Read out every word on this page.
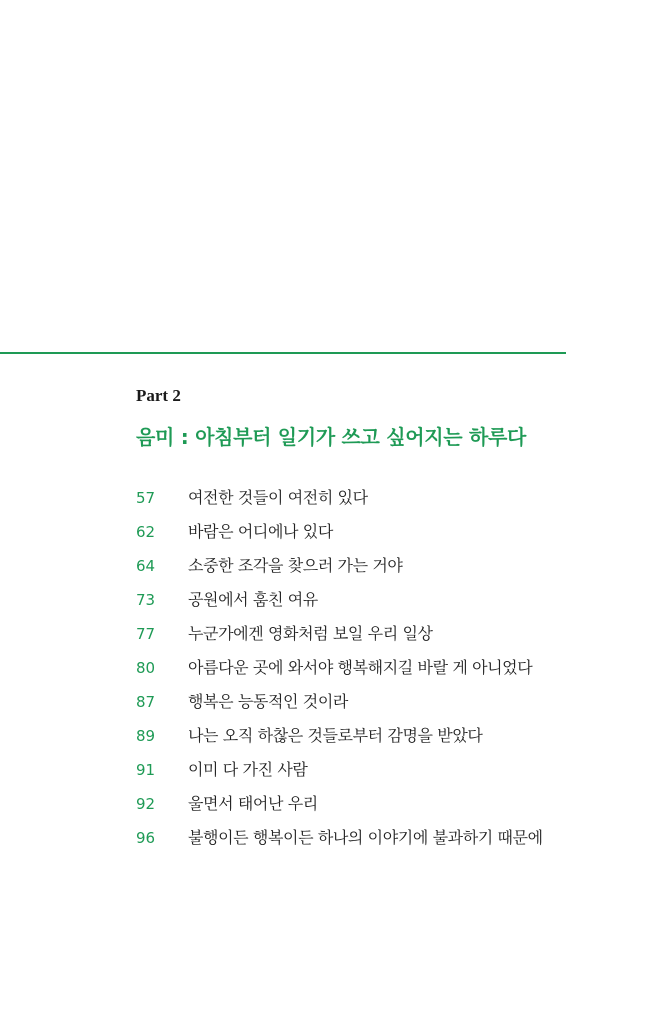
Part 2
음미 : 아침부터 일기가 쓰고 싶어지는 하루다
57	여전한 것들이 여전히 있다
62	바람은 어디에나 있다
64	소중한 조각을 찾으러 가는 거야
73	공원에서 훔친 여유
77	누군가에겐 영화처럼 보일 우리 일상
80	아름다운 곳에 와서야 행복해지길 바랄 게 아니었다
87	행복은 능동적인 것이라
89	나는 오직 하찮은 것들로부터 감명을 받았다
91	이미 다 가진 사람
92	울면서 태어난 우리
96	불행이든 행복이든 하나의 이야기에 불과하기 때문에
